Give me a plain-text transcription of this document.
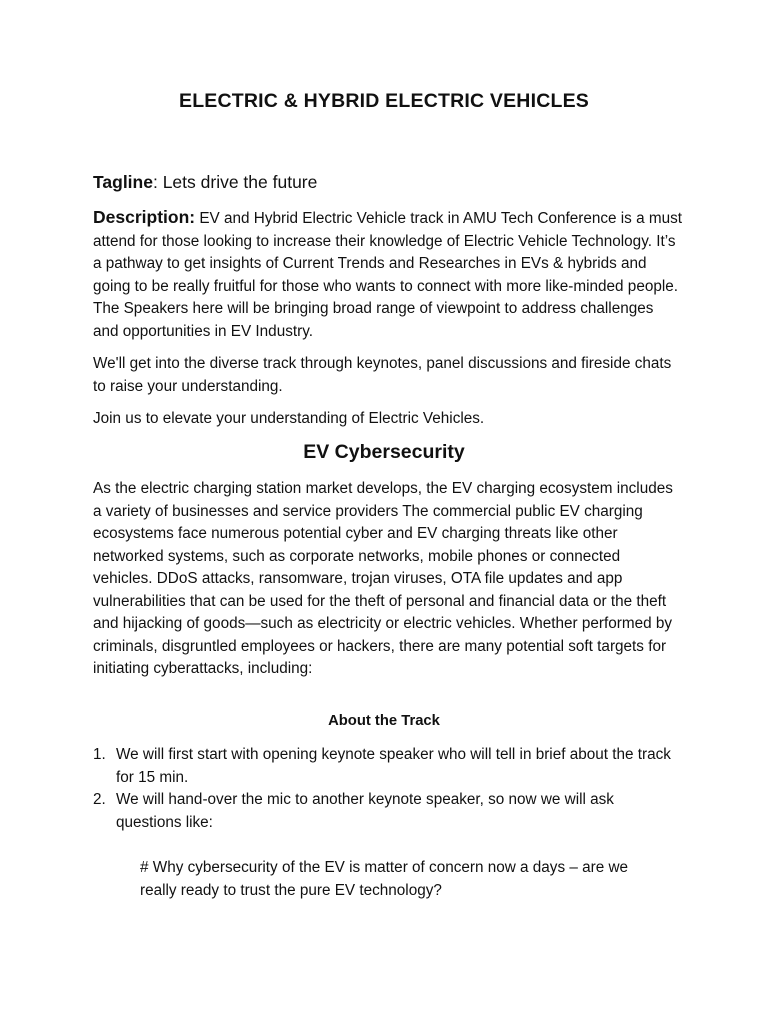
ELECTRIC & HYBRID ELECTRIC VEHICLES
Tagline: Lets drive the future
Description: EV and Hybrid Electric Vehicle track in AMU Tech Conference is a must attend for those looking to increase their knowledge of Electric Vehicle Technology. It’s a pathway to get insights of Current Trends and Researches in EVs & hybrids and going to be really fruitful for those who wants to connect with more like-minded people. The Speakers here will be bringing broad range of viewpoint to address challenges and opportunities in EV Industry.
We'll get into the diverse track through keynotes, panel discussions and fireside chats to raise your understanding.
Join us to elevate your understanding of Electric Vehicles.
EV Cybersecurity
As the electric charging station market develops, the EV charging ecosystem includes a variety of businesses and service providers The commercial public EV charging ecosystems face numerous potential cyber and EV charging threats like other networked systems, such as corporate networks, mobile phones or connected vehicles. DDoS attacks, ransomware, trojan viruses, OTA file updates and app vulnerabilities that can be used for the theft of personal and financial data or the theft and hijacking of goods—such as electricity or electric vehicles. Whether performed by criminals, disgruntled employees or hackers, there are many potential soft targets for initiating cyberattacks, including:
About the Track
1. We will first start with opening keynote speaker who will tell in brief about the track for 15 min.
2. We will hand-over the mic to another keynote speaker, so now we will ask questions like:
# Why cybersecurity of the EV is matter of concern now a days – are we really ready to trust the pure EV technology?
